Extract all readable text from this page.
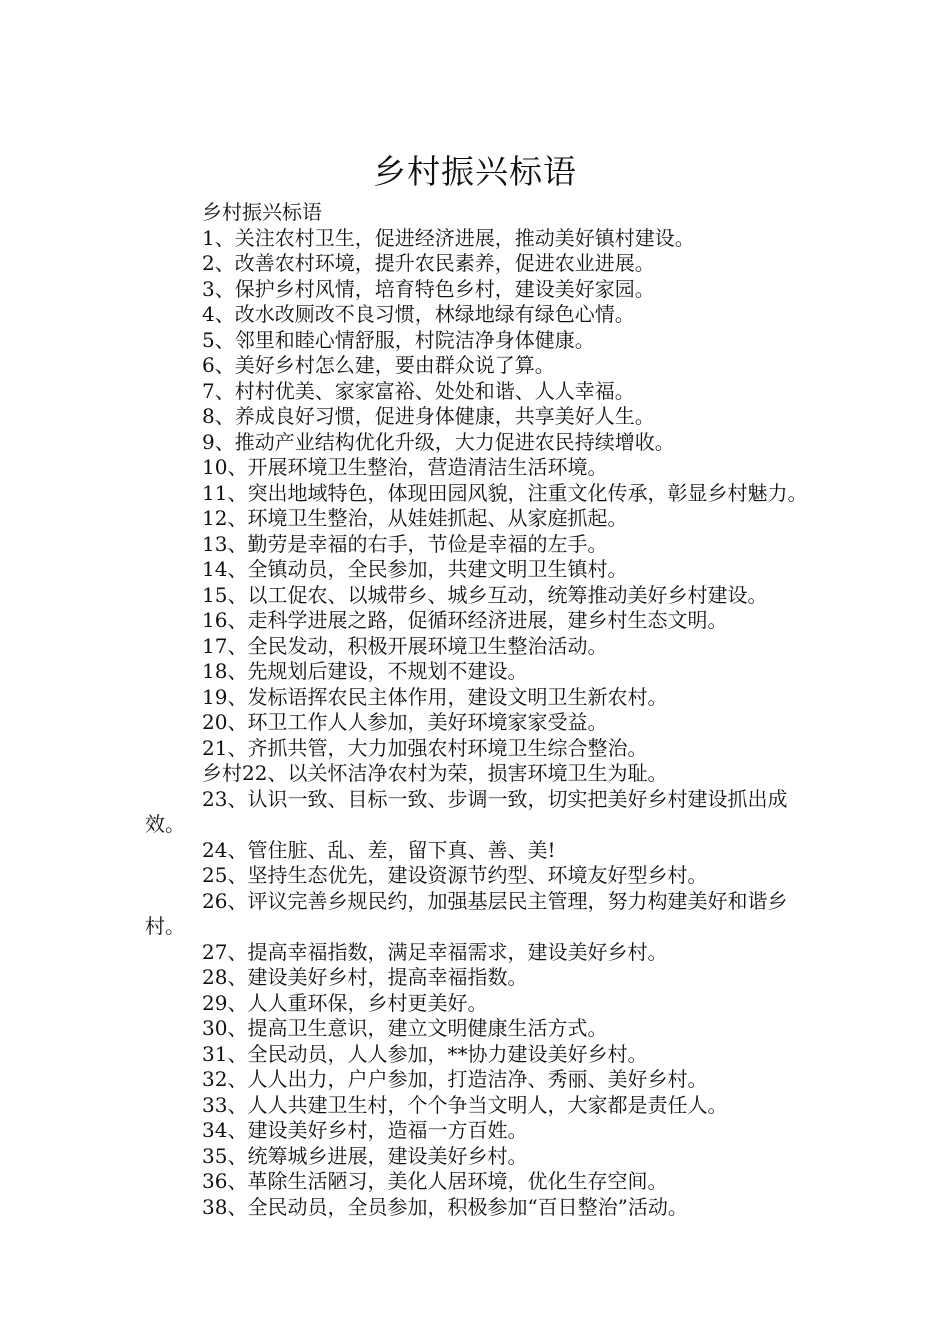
乡村振兴标语

乡村振兴标语

1、关注农村卫生，促进经济进展，推动美好镇村建设。

2、改善农村环境，提升农民素养，促进农业进展。

3、保护乡村风情，培育特色乡村，建设美好家园。

4、改水改厕改不良习惯，林绿地绿有绿色心情。

5、邻里和睦心情舒服，村院洁净身体健康。

6、美好乡村怎么建，要由群众说了算。

7、村村优美、家家富裕、处处和谐、人人幸福。

8、养成良好习惯，促进身体健康，共享美好人生。

9、推动产业结构优化升级，大力促进农民持续增收。

10、开展环境卫生整治，营造清洁生活环境。

11、突出地域特色，体现田园风貌，注重文化传承，彰显乡村魅力。

12、环境卫生整治，从娃娃抓起、从家庭抓起。

13、勤劳是幸福的右手，节俭是幸福的左手。

14、全镇动员，全民参加，共建文明卫生镇村。

15、以工促农、以城带乡、城乡互动，统筹推动美好乡村建设。

16、走科学进展之路，促循环经济进展，建乡村生态文明。

17、全民发动，积极开展环境卫生整治活动。

18、先规划后建设，不规划不建设。

19、发标语挥农民主体作用，建设文明卫生新农村。

20、环卫工作人人参加，美好环境家家受益。

21、齐抓共管，大力加强农村环境卫生综合整治。

乡村22、以关怀洁净农村为荣，损害环境卫生为耻。

23、认识一致、目标一致、步调一致，切实把美好乡村建设抓出成效。

24、管住脏、乱、差，留下真、善、美!

25、坚持生态优先，建设资源节约型、环境友好型乡村。

26、评议完善乡规民约，加强基层民主管理，努力构建美好和谐乡村。

27、提高幸福指数，满足幸福需求，建设美好乡村。

28、建设美好乡村，提高幸福指数。

29、人人重环保，乡村更美好。

30、提高卫生意识，建立文明健康生活方式。

31、全民动员，人人参加，**协力建设美好乡村。

32、人人出力，户户参加，打造洁净、秀丽、美好乡村。

33、人人共建卫生村，个个争当文明人，大家都是责任人。

34、建设美好乡村，造福一方百姓。

35、统筹城乡进展，建设美好乡村。

36、革除生活陋习，美化人居环境，优化生存空间。

38、全民动员，全员参加，积极参加“百日整治”活动。
